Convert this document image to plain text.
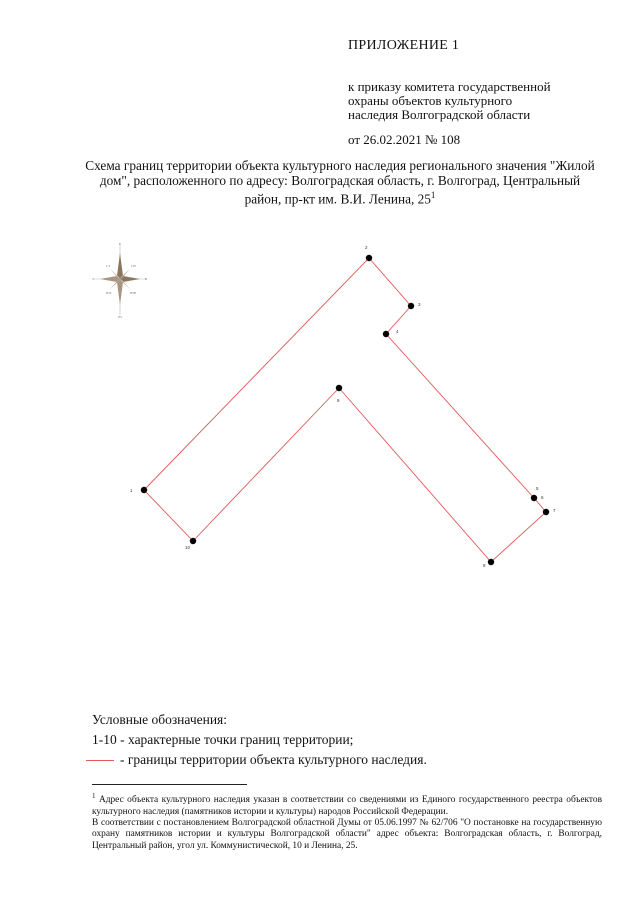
ПРИЛОЖЕНИЕ 1
к приказу комитета государственной
охраны объектов культурного
наследия Волгоградской области
от 26.02.2021 № 108
Схема границ территории объекта культурного наследия регионального значения "Жилой дом", расположенного по адресу: Волгоградская область, г. Волгоград, Центральный район, пр-кт им. В.И. Ленина, $25^1$
С
СВ
В
ЮВ
Ю
ЮЗ
З
СЗ
1
2
3
4
5
6
7
8
9
10
Условные обозначения:
1-10 - характерные точки границ территории;
- границы территории объекта культурного наследия.

$^1$ Адрес объекта культурного наследия указан в соответствии со сведениями из Единого государственного реестра объектов культурного наследия (памятников истории и культуры) народов Российской Федерации.

В соответствии с постановлением Волгоградской областной Думы от 05.06.1997 № 62/706 "О постановке на государственную охрану памятников истории и культуры Волгоградской области" адрес объекта: Волгоградская область, г. Волгоград, Центральный район, угол ул. Коммунистической, 10 и Ленина, 25.
